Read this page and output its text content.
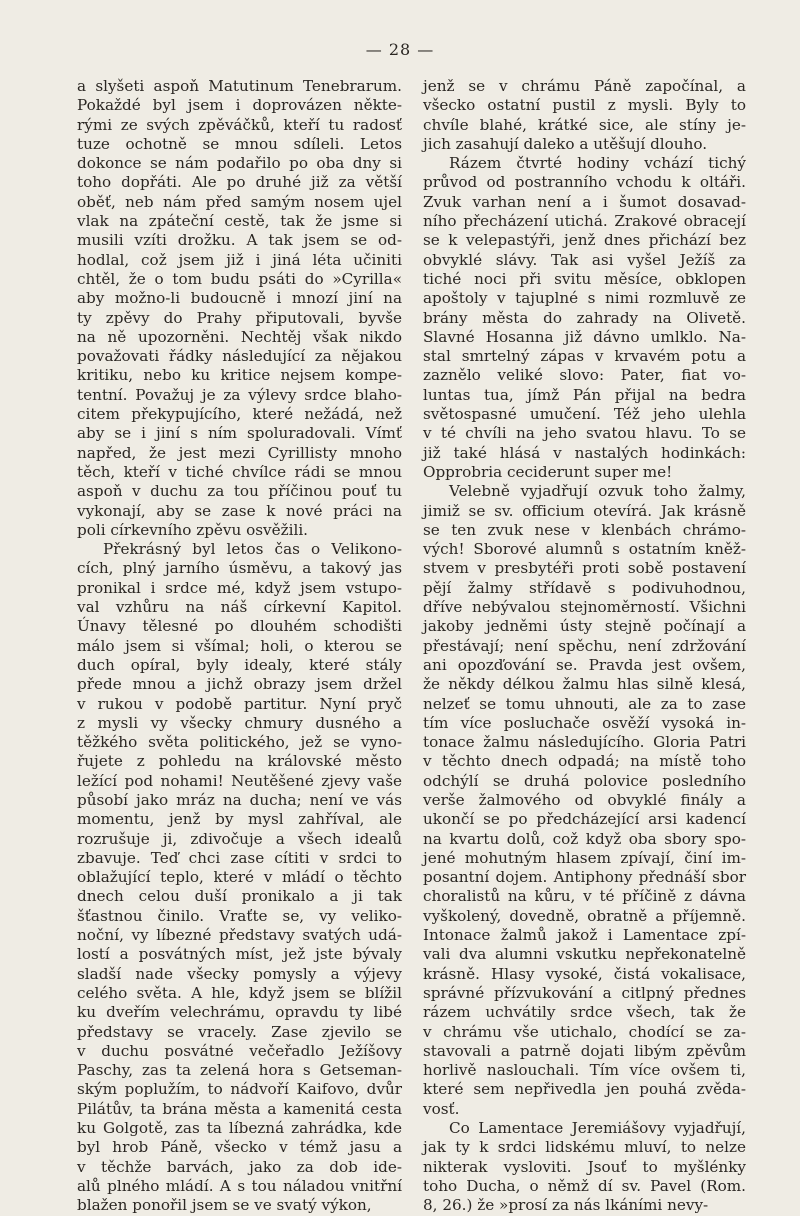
— 28 —
a slyšeti aspoň Matutinum Tenebrarum.
Pokaždé byl jsem i doprovázen někte-
rými ze svých zpěváčků, kteří tu radosť
tuze ochotně se mnou sdíleli. Letos
dokonce se nám podařilo po oba dny si
toho dopřáti. Ale po druhé již za větší
oběť, neb nám před samým nosem ujel
vlak na zpáteční cestě, tak že jsme si
musili vzíti drožku. A tak jsem se od-
hodlal, což jsem již i jiná léta učiniti
chtěl, že o tom budu psáti do »Cyrilla«
aby možno-li budoucně i mnozí jiní na
ty zpěvy do Prahy připutovali, byvše
na ně upozorněni. Nechtěj však nikdo
považovati řádky následující za nějakou
kritiku, nebo ku kritice nejsem kompe-
tentní. Považuj je za výlevy srdce blaho-
citem překypujícího, které nežádá, než
aby se i jiní s ním spoluradovali. Vímť
napřed, že jest mezi Cyrillisty mnoho
těch, kteří v tiché chvílce rádi se mnou
aspoň v duchu za tou příčinou pouť tu
vykonají, aby se zase k nové práci na
poli církevního zpěvu osvěžili.
Překrásný byl letos čas o Velikono-
cích, plný jarního úsměvu, a takový jas
pronikal i srdce mé, když jsem vstupo-
val vzhůru na náš církevní Kapitol.
Únavy tělesné po dlouhém schodišti
málo jsem si všímal; holi, o kterou se
duch opíral, byly idealy, které stály
přede mnou a jichž obrazy jsem držel
v rukou v podobě partitur. Nyní pryč
z mysli vy všecky chmury dusného a
těžkého světa politického, jež se vyno-
řujete z pohledu na královské město
ležící pod nohami! Neutěšené zjevy vaše
působí jako mráz na ducha; není ve vás
momentu, jenž by mysl zahříval, ale
rozrušuje ji, zdivočuje a všech idealů
zbavuje. Teď chci zase cítiti v srdci to
oblažující teplo, které v mládí o těchto
dnech celou duší pronikalo a ji tak
šťastnou činilo. Vraťte se, vy veliko-
noční, vy líbezné představy svatých udá-
lostí a posvátných míst, jež jste bývaly
sladší nade všecky pomysly a výjevy
celého světa. A hle, když jsem se blížil
ku dveřím velechrámu, opravdu ty libé
představy se vracely. Zase zjevilo se
v duchu posvátné večeřadlo Ježíšovy
Paschy, zas ta zelená hora s Getseman-
ským poplužím, to nádvoří Kaifovo, dvůr
Pilátův, ta brána města a kamenitá cesta
ku Golgotě, zas ta líbezná zahrádka, kde
byl hrob Páně, všecko v témž jasu a
v těchže barvách, jako za dob ide-
alů plného mládí. A s tou náladou vnitřní
blažen ponořil jsem se ve svatý výkon,
jenž se v chrámu Páně započínal, a
všecko ostatní pustil z mysli. Byly to
chvíle blahé, krátké sice, ale stíny je-
jich zasahují daleko a utěšují dlouho.
Rázem čtvrté hodiny vchází tichý
průvod od postranního vchodu k oltáři.
Zvuk varhan není a i šumot dosavad-
ního přecházení utichá. Zrakové obracejí
se k velepastýři, jenž dnes přichází bez
obvyklé slávy. Tak asi vyšel Ježíš za
tiché noci při svitu měsíce, obklopen
apoštoly v tajuplné s nimi rozmluvě ze
brány města do zahrady na Olivetě.
Slavné Hosanna již dávno umlklo. Na-
stal smrtelný zápas v krvavém potu a
zaznělo veliké slovo: Pater, fiat vo-
luntas tua, jímž Pán přijal na bedra
světospasné umučení. Též jeho ulehla
v té chvíli na jeho svatou hlavu. To se
již také hlásá v nastalých hodinkách:
Opprobria ceciderunt super me!
Velebně vyjadřují ozvuk toho žalmy,
jimiž se sv. officium otevírá. Jak krásně
se ten zvuk nese v klenbách chrámo-
vých! Sborové alumnů s ostatním kněž-
stvem v presbytéři proti sobě postavení
pějí žalmy střídavě s podivuhodnou,
dříve nebývalou stejnoměrností. Všichni
jakoby jedněmi ústy stejně počínají a
přestávají; není spěchu, není zdržování
ani opozďování se. Pravda jest ovšem,
že někdy délkou žalmu hlas silně klesá,
nelzeť se tomu uhnouti, ale za to zase
tím více posluchače osvěží vysoká in-
tonace žalmu následujícího. Gloria Patri
v těchto dnech odpadá; na místě toho
odchýlí se druhá polovice posledního
verše žalmového od obvyklé finály a
ukončí se po předcházející arsi kadencí
na kvartu dolů, což když oba sbory spo-
jené mohutným hlasem zpívají, činí im-
posantní dojem. Antiphony přednáší sbor
choralistů na kůru, v té příčině z dávna
vyškolený, dovedně, obratně a příjemně.
Intonace žalmů jakož i Lamentace zpí-
vali dva alumni vskutku nepřekonatelně
krásně. Hlasy vysoké, čistá vokalisace,
správné přízvukování a citlpný přednes
rázem uchvátily srdce všech, tak že
v chrámu vše utichalo, chodící se za-
stavovali a patrně dojati libým zpěvům
horlivě naslouchali. Tím více ovšem ti,
které sem nepřivedla jen pouhá zvěda-
vosť.
Co Lamentace Jeremiášovy vyjadřují,
jak ty k srdci lidskému mluví, to nelze
nikterak vysloviti. Jsouť to myšlénky
toho Ducha, o němž dí sv. Pavel (Rom.
8, 26.) že »prosí za nás lkáními nevy-
